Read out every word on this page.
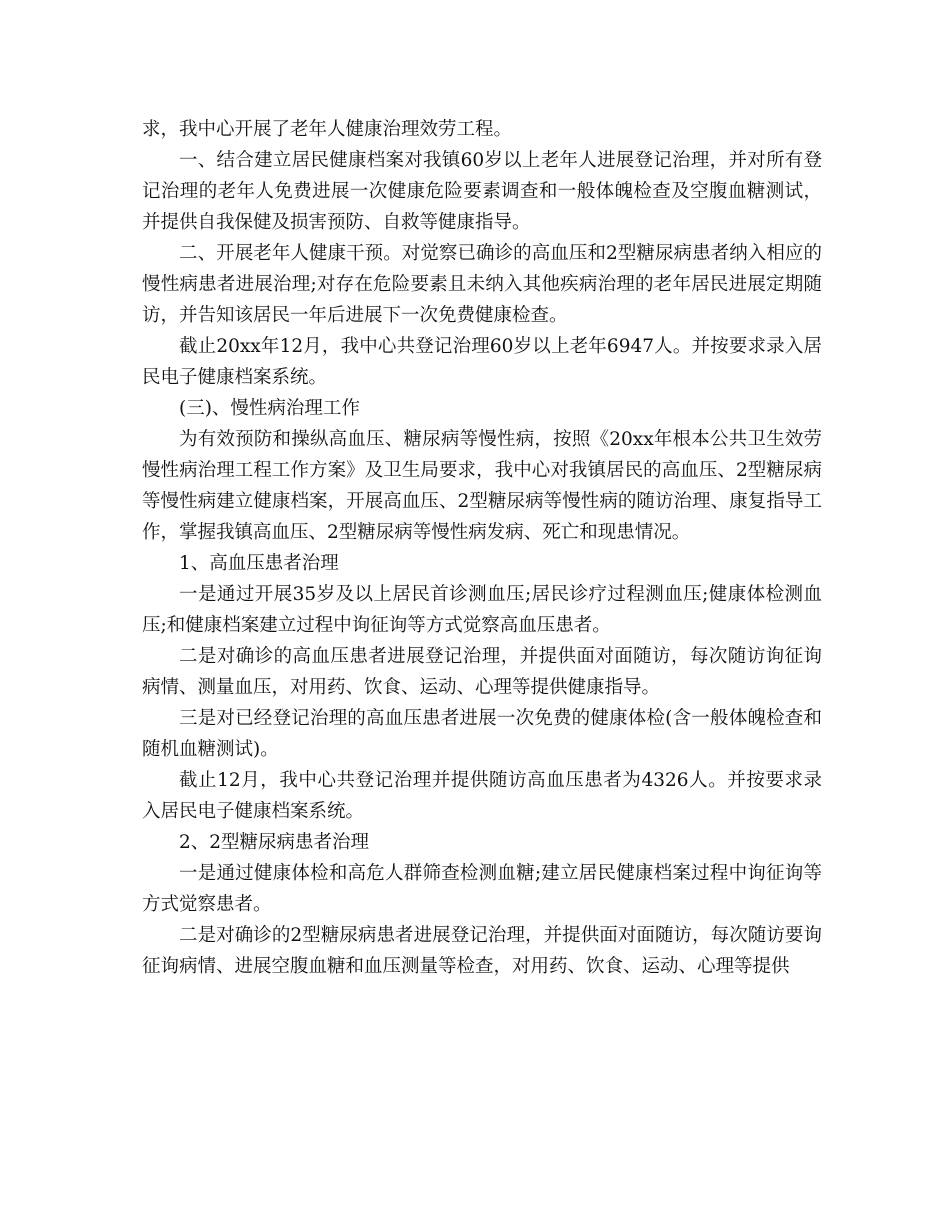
求，我中心开展了老年人健康治理效劳工程。

一、结合建立居民健康档案对我镇60岁以上老年人进展登记治理，并对所有登记治理的老年人免费进展一次健康危险要素调查和一般体魄检查及空腹血糖测试，并提供自我保健及损害预防、自救等健康指导。

二、开展老年人健康干预。对觉察已确诊的高血压和2型糖尿病患者纳入相应的慢性病患者进展治理;对存在危险要素且未纳入其他疾病治理的老年居民进展定期随访，并告知该居民一年后进展下一次免费健康检查。

截止20xx年12月，我中心共登记治理60岁以上老年6947人。并按要求录入居民电子健康档案系统。

(三)、慢性病治理工作

为有效预防和操纵高血压、糖尿病等慢性病，按照《20xx年根本公共卫生效劳慢性病治理工程工作方案》及卫生局要求，我中心对我镇居民的高血压、2型糖尿病等慢性病建立健康档案，开展高血压、2型糖尿病等慢性病的随访治理、康复指导工作，掌握我镇高血压、2型糖尿病等慢性病发病、死亡和现患情况。

1、高血压患者治理

一是通过开展35岁及以上居民首诊测血压;居民诊疗过程测血压;健康体检测血压;和健康档案建立过程中询征询等方式觉察高血压患者。

二是对确诊的高血压患者进展登记治理，并提供面对面随访，每次随访询征询病情、测量血压，对用药、饮食、运动、心理等提供健康指导。

三是对已经登记治理的高血压患者进展一次免费的健康体检(含一般体魄检查和随机血糖测试)。

截止12月，我中心共登记治理并提供随访高血压患者为4326人。并按要求录入居民电子健康档案系统。

2、2型糖尿病患者治理

一是通过健康体检和高危人群筛查检测血糖;建立居民健康档案过程中询征询等方式觉察患者。

二是对确诊的2型糖尿病患者进展登记治理，并提供面对面随访，每次随访要询征询病情、进展空腹血糖和血压测量等检查，对用药、饮食、运动、心理等提供
